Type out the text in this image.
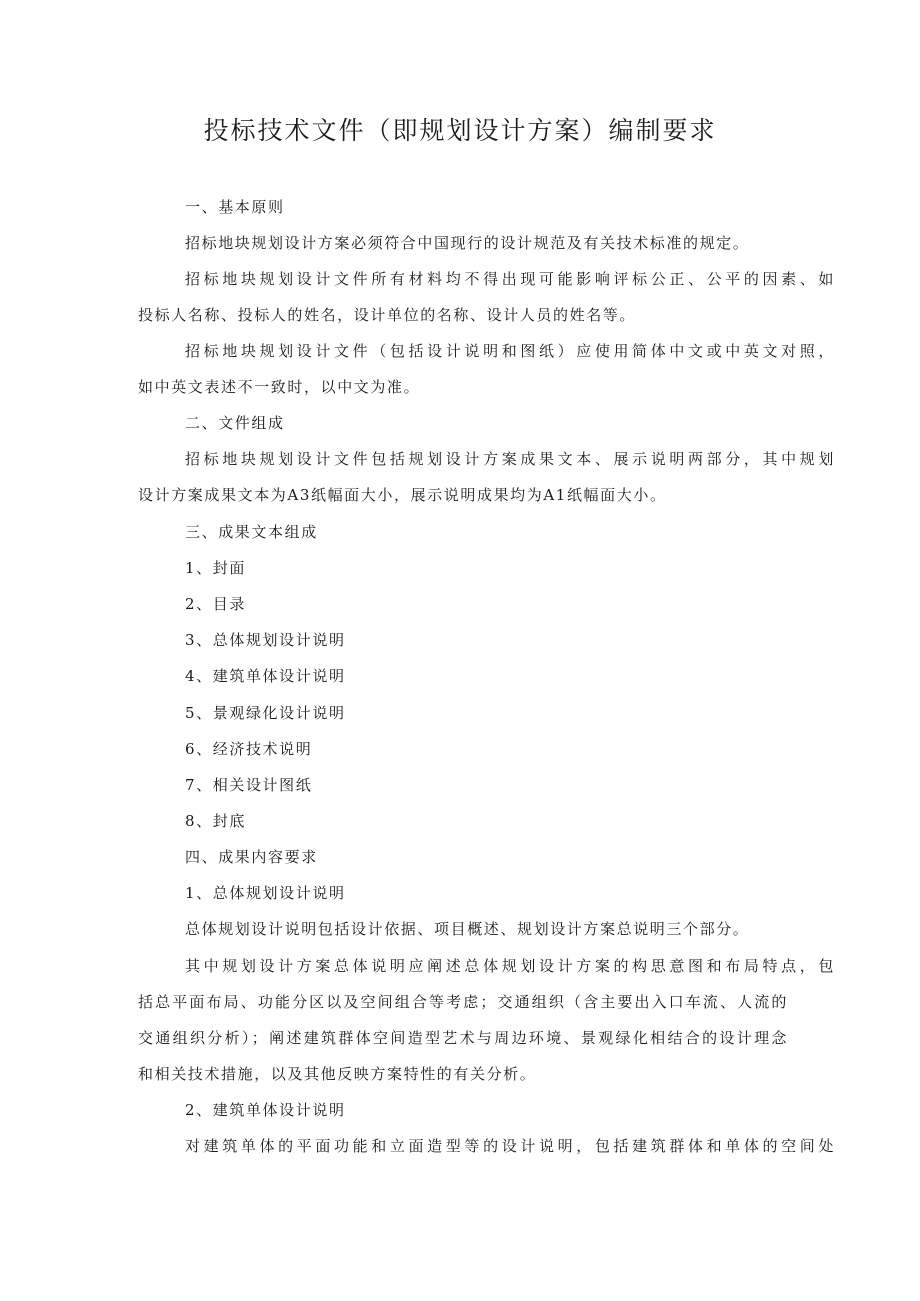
投标技术文件（即规划设计方案）编制要求

一、基本原则

招标地块规划设计方案必须符合中国现行的设计规范及有关技术标准的规定。

招标地块规划设计文件所有材料均不得出现可能影响评标公正、公平的因素、如

投标人名称、投标人的姓名，设计单位的名称、设计人员的姓名等。

招标地块规划设计文件（包括设计说明和图纸）应使用简体中文或中英文对照，

如中英文表述不一致时，以中文为准。

二、文件组成

招标地块规划设计文件包括规划设计方案成果文本、展示说明两部分，其中规划

设计方案成果文本为A3纸幅面大小，展示说明成果均为A1纸幅面大小。

三、成果文本组成

1、封面

2、目录

3、总体规划设计说明

4、建筑单体设计说明

5、景观绿化设计说明

6、经济技术说明

7、相关设计图纸

8、封底

四、成果内容要求

1、总体规划设计说明

总体规划设计说明包括设计依据、项目概述、规划设计方案总说明三个部分。

其中规划设计方案总体说明应阐述总体规划设计方案的构思意图和布局特点，包

括总平面布局、功能分区以及空间组合等考虑；交通组织（含主要出入口车流、人流的

交通组织分析）；阐述建筑群体空间造型艺术与周边环境、景观绿化相结合的设计理念

和相关技术措施，以及其他反映方案特性的有关分析。

2、建筑单体设计说明

对建筑单体的平面功能和立面造型等的设计说明，包括建筑群体和单体的空间处
